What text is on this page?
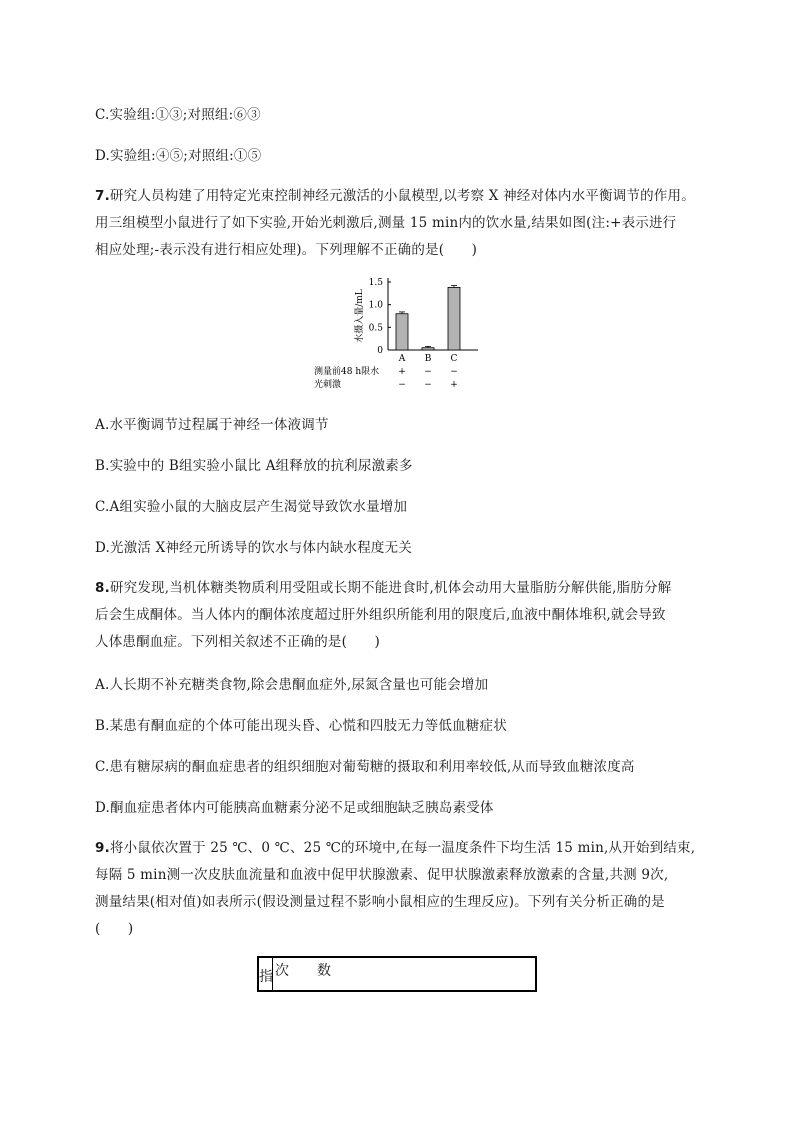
C.实验组:①③;对照组:⑥③
D.实验组:④⑤;对照组:①⑤
7.研究人员构建了用特定光束控制神经元激活的小鼠模型,以考察 X 神经对体内水平衡调节的作用。
用三组模型小鼠进行了如下实验,开始光刺激后,测量 15 min内的饮水量,结果如图(注:+表示进行
相应处理;-表示没有进行相应处理)。下列理解不正确的是(　　)
0
0.5
1.0
1.5
水摄入量/mL
A
+
−
B
−
−
C
−
+
测量前48 h限水
光刺激
A.水平衡调节过程属于神经一体液调节
B.实验中的 B组实验小鼠比 A组释放的抗利尿激素多
C.A组实验小鼠的大脑皮层产生渴觉导致饮水量增加
D.光激活 X神经元所诱导的饮水与体内缺水程度无关
8.研究发现,当机体糖类物质利用受阻或长期不能进食时,机体会动用大量脂肪分解供能,脂肪分解
后会生成酮体。当人体内的酮体浓度超过肝外组织所能利用的限度后,血液中酮体堆积,就会导致
人体患酮血症。下列相关叙述不正确的是(　　)
A.人长期不补充糖类食物,除会患酮血症外,尿氮含量也可能会增加
B.某患有酮血症的个体可能出现头昏、心慌和四肢无力等低血糖症状
C.患有糖尿病的酮血症患者的组织细胞对葡萄糖的摄取和利用率较低,从而导致血糖浓度高
D.酮血症患者体内可能胰高血糖素分泌不足或细胞缺乏胰岛素受体
9.将小鼠依次置于 25 ℃、0 ℃、25 ℃的环境中,在每一温度条件下均生活 15 min,从开始到结束,
每隔 5 min测一次皮肤血流量和血液中促甲状腺激素、促甲状腺激素释放激素的含量,共测 9次,
测量结果(相对值)如表所示(假设测量过程不影响小鼠相应的生理反应)。下列有关分析正确的是
(　　)
指 次 数
